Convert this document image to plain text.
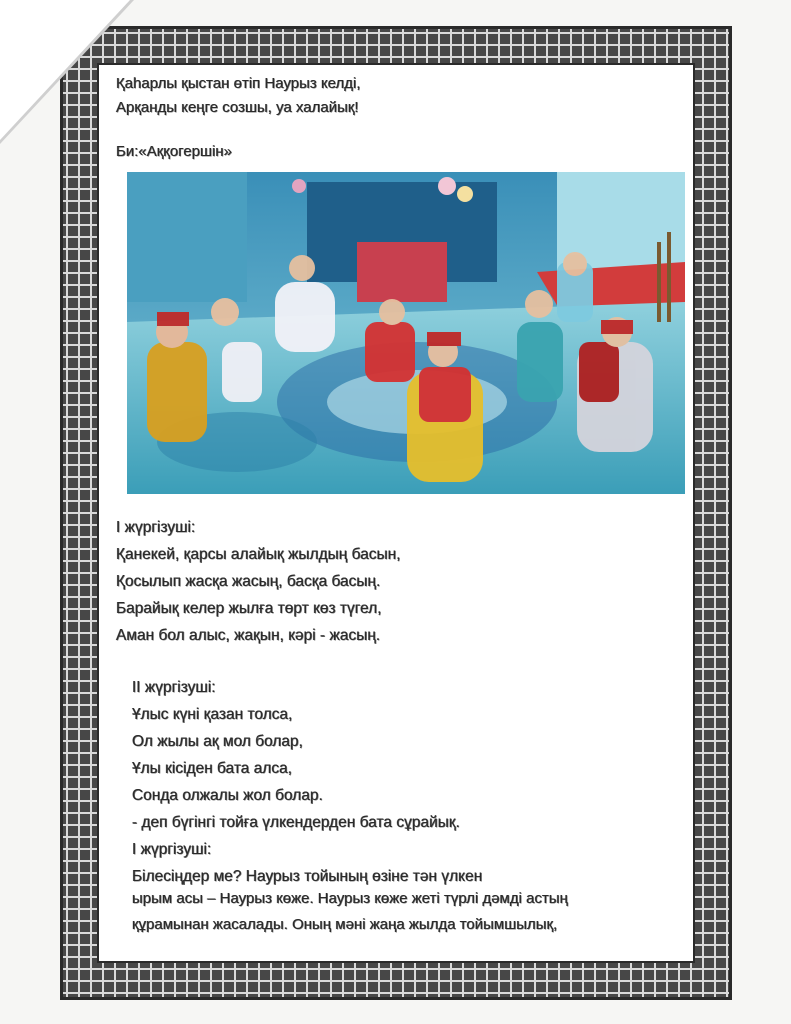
Қаһарлы қыстан өтіп Наурыз келді,
Арқанды кеңге созшы, уа халайық!
Би:«Аққогершін»
І жүргізуші:
Қанекей, қарсы алайық жылдың басын,
Қосылып жасқа жасың, басқа басың.
Барайық келер жылға төрт көз түгел,
Аман бол алыс, жақын, кәрі - жасың.
ІІ жүргізуші:
Ұлыс күні қазан толса,
Ол жылы ақ мол болар,
Ұлы кісіден бата алса,
Сонда олжалы жол болар.
- деп бүгінгі тойға үлкендерден бата сұрайық.
І жүргізуші:
Білесіңдер ме? Наурыз тойының өзіне тән үлкен
ырым асы – Наурыз көже. Наурыз көже жеті түрлі дәмді астың
құрамынан жасалады. Оның мәні жаңа жылда тойымшылық,
